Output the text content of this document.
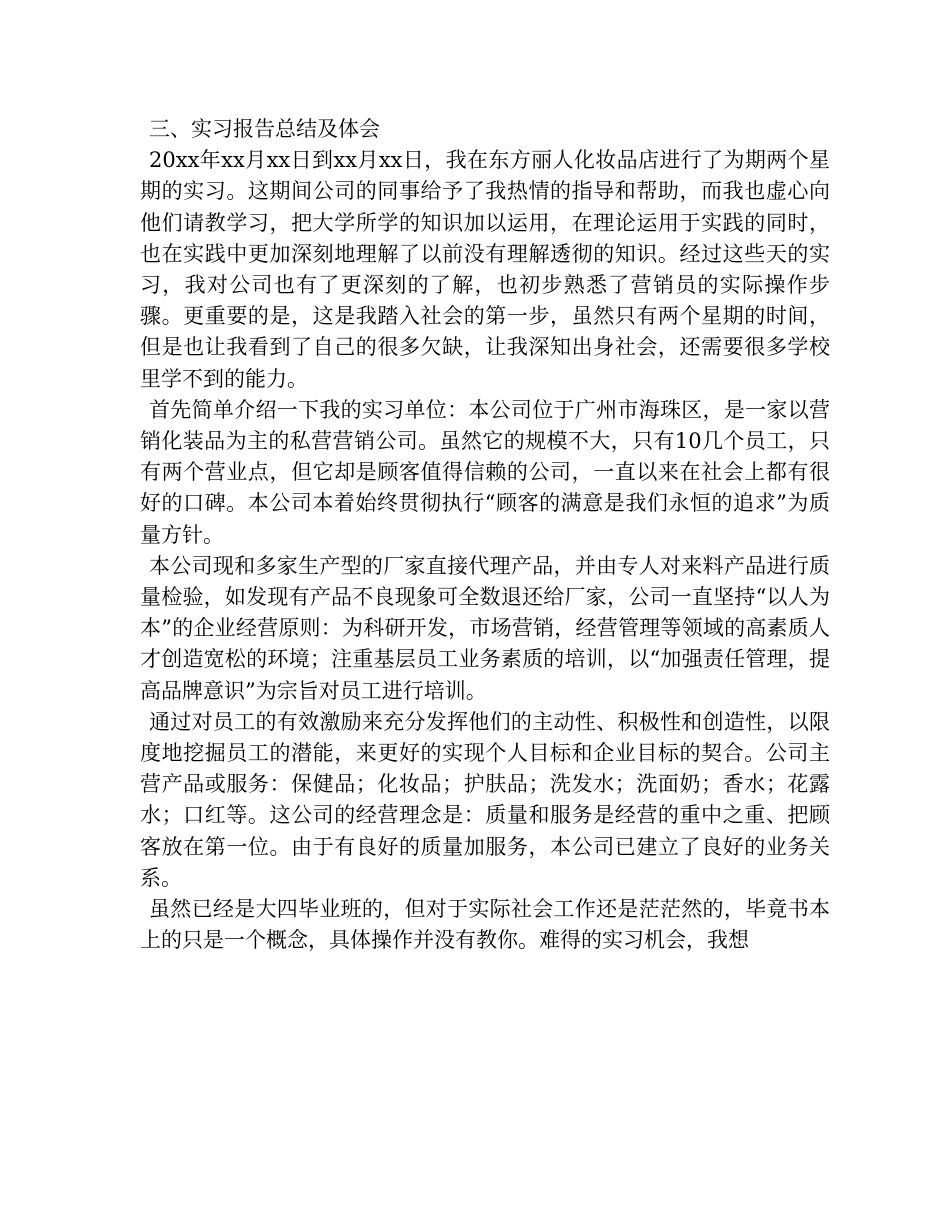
三、实习报告总结及体会

20xx年xx月xx日到xx月xx日，我在东方丽人化妆品店进行了为期两个星期的实习。这期间公司的同事给予了我热情的指导和帮助，而我也虚心向他们请教学习，把大学所学的知识加以运用，在理论运用于实践的同时，也在实践中更加深刻地理解了以前没有理解透彻的知识。经过这些天的实习，我对公司也有了更深刻的了解，也初步熟悉了营销员的实际操作步骤。更重要的是，这是我踏入社会的第一步，虽然只有两个星期的时间，但是也让我看到了自己的很多欠缺，让我深知出身社会，还需要很多学校里学不到的能力。

首先简单介绍一下我的实习单位：本公司位于广州市海珠区，是一家以营销化装品为主的私营营销公司。虽然它的规模不大，只有10几个员工，只有两个营业点，但它却是顾客值得信赖的公司，一直以来在社会上都有很好的口碑。本公司本着始终贯彻执行“顾客的满意是我们永恒的追求”为质量方针。

本公司现和多家生产型的厂家直接代理产品，并由专人对来料产品进行质量检验，如发现有产品不良现象可全数退还给厂家，公司一直坚持“以人为本”的企业经营原则：为科研开发，市场营销，经营管理等领域的高素质人才创造宽松的环境；注重基层员工业务素质的培训，以“加强责任管理，提高品牌意识”为宗旨对员工进行培训。

通过对员工的有效激励来充分发挥他们的主动性、积极性和创造性，以限度地挖掘员工的潜能，来更好的实现个人目标和企业目标的契合。公司主营产品或服务：保健品；化妆品；护肤品；洗发水；洗面奶；香水；花露水；口红等。这公司的经营理念是：质量和服务是经营的重中之重、把顾客放在第一位。由于有良好的质量加服务，本公司已建立了良好的业务关系。

虽然已经是大四毕业班的，但对于实际社会工作还是茫茫然的，毕竟书本上的只是一个概念，具体操作并没有教你。难得的实习机会，我想
